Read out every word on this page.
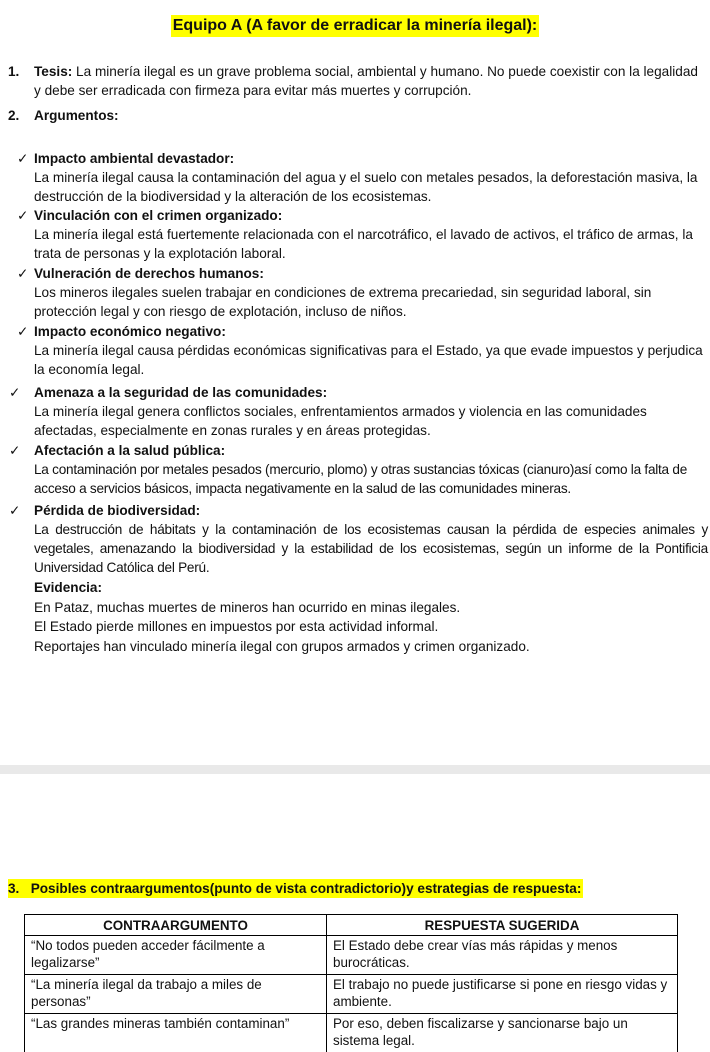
Equipo A (A favor de erradicar la minería ilegal):
1. Tesis: La minería ilegal es un grave problema social, ambiental y humano. No puede coexistir con la legalidad y debe ser erradicada con firmeza para evitar más muertes y corrupción.
2. Argumentos:
✓ Impacto ambiental devastador:
La minería ilegal causa la contaminación del agua y el suelo con metales pesados, la deforestación masiva, la destrucción de la biodiversidad y la alteración de los ecosistemas.
✓ Vinculación con el crimen organizado:
La minería ilegal está fuertemente relacionada con el narcotráfico, el lavado de activos, el tráfico de armas, la trata de personas y la explotación laboral.
✓ Vulneración de derechos humanos:
Los mineros ilegales suelen trabajar en condiciones de extrema precariedad, sin seguridad laboral, sin protección legal y con riesgo de explotación, incluso de niños.
✓ Impacto económico negativo:
La minería ilegal causa pérdidas económicas significativas para el Estado, ya que evade impuestos y perjudica la economía legal.
✓ Amenaza a la seguridad de las comunidades:
La minería ilegal genera conflictos sociales, enfrentamientos armados y violencia en las comunidades afectadas, especialmente en zonas rurales y en áreas protegidas.
✓ Afectación a la salud pública:
La contaminación por metales pesados (mercurio, plomo) y otras sustancias tóxicas (cianuro)así como la falta de acceso a servicios básicos, impacta negativamente en la salud de las comunidades mineras.
✓ Pérdida de biodiversidad:
La destrucción de hábitats y la contaminación de los ecosistemas causan la pérdida de especies animales y vegetales, amenazando la biodiversidad y la estabilidad de los ecosistemas, según un informe de la Pontificia Universidad Católica del Perú.
Evidencia:
En Pataz, muchas muertes de mineros han ocurrido en minas ilegales.
El Estado pierde millones en impuestos por esta actividad informal.
Reportajes han vinculado minería ilegal con grupos armados y crimen organizado.
3. Posibles contraargumentos(punto de vista contradictorio)y estrategias de respuesta:
CONTRAARGUMENTO	RESPUESTA SUGERIDA
“No todos pueden acceder fácilmente a legalizarse”	El Estado debe crear vías más rápidas y menos burocráticas.
“La minería ilegal da trabajo a miles de personas”	El trabajo no puede justificarse si pone en riesgo vidas y ambiente.
“Las grandes mineras también contaminan”	Por eso, deben fiscalizarse y sancionarse bajo un sistema legal.
